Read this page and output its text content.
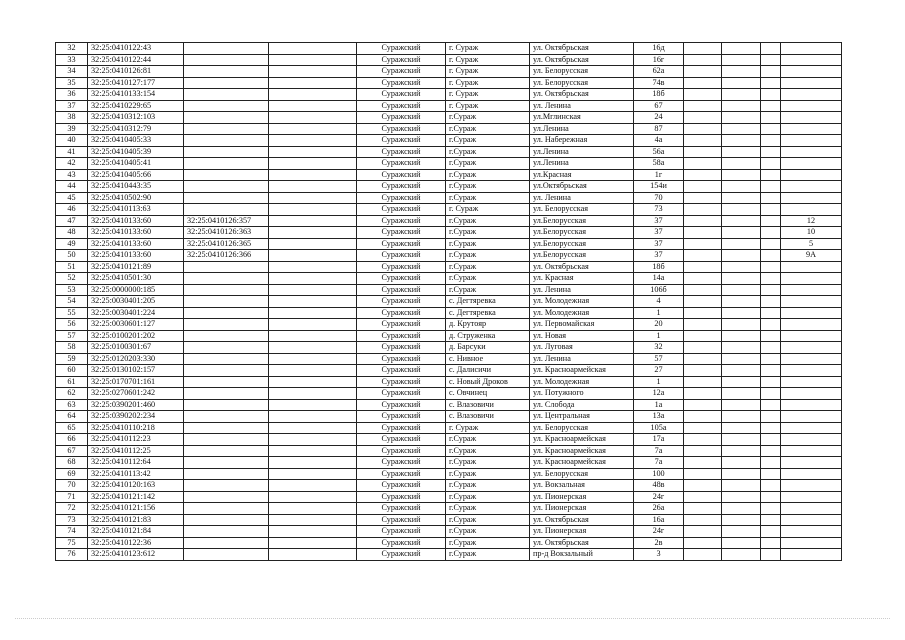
32	32:25:0410122:43			Суражский	г. Сураж	ул. Октябрьская	16д				
33	32:25:0410122:44			Суражский	г. Сураж	ул. Октябрьская	16г				
34	32:25:0410126:81			Суражский	г. Сураж	ул. Белорусская	62а				
35	32:25:0410127:177			Суражский	г. Сураж	ул. Белорусская	74в				
36	32:25:0410133:154			Суражский	г. Сураж	ул. Октябрьская	18б				
37	32:25:0410229:65			Суражский	г. Сураж	ул. Ленина	67				
38	32:25:0410312:103			Суражский	г.Сураж	ул.Мглинская	24				
39	32:25:0410312:79			Суражский	г.Сураж	ул.Ленина	87				
40	32:25:0410405:33			Суражский	г.Сураж	ул. Набережная	4а				
41	32:25:0410405:39			Суражский	г.Сураж	ул.Ленина	56а				
42	32:25:0410405:41			Суражский	г.Сураж	ул.Ленина	58а				
43	32:25:0410405:66			Суражский	г.Сураж	ул.Красная	1г				
44	32:25:0410443:35			Суражский	г.Сураж	ул.Октябрьская	154и				
45	32:25:0410502:90			Суражский	г.Сураж	ул. Ленина	70				
46	32:25:0410113:63			Суражский	г. Сураж	ул. Белорусская	73				
47	32:25:0410133:60	32:25:0410126:357		Суражский	г.Сураж	ул.Белорусская	37				12
48	32:25:0410133:60	32:25:0410126:363		Суражский	г.Сураж	ул.Белорусская	37				10
49	32:25:0410133:60	32:25:0410126:365		Суражский	г.Сураж	ул.Белорусская	37				5
50	32:25:0410133:60	32:25:0410126:366		Суражский	г.Сураж	ул.Белорусская	37				9А
51	32:25:0410121:89			Суражский	г.Сураж	ул. Октябрьская	18б				
52	32:25:0410501:30			Суражский	г.Сураж	ул. Красная	14а				
53	32:25:0000000:185			Суражский	г.Сураж	ул. Ленина	106б				
54	32:25:0030401:205			Суражский	с. Дегтяревка	ул. Молодежная	4				
55	32:25:0030401:224			Суражский	с. Дегтяревка	ул. Молодежная	1				
56	32:25:0030601:127			Суражский	д. Крутояр	ул. Первомайская	20				
57	32:25:0100201:202			Суражский	д. Струженка	ул. Новая	1				
58	32:25:0100301:67			Суражский	д. Барсуки	ул. Луговая	32				
59	32:25:0120203:330			Суражский	с. Нивное	ул. Ленина	57				
60	32:25:0130102:157			Суражский	с. Далисичи	ул. Красноармейская	27				
61	32:25:0170701:161			Суражский	с. Новый Дроков	ул. Молодежная	1				
62	32:25:0270601:242			Суражский	с. Овчинец	ул. Потужного	12а				
63	32:25:0390201:460			Суражский	с. Влазовичи	ул. Слобода	1а				
64	32:25:0390202:234			Суражский	с. Влазовичи	ул. Центральная	13а				
65	32:25:0410110:218			Суражский	г. Сураж	ул. Белорусская	105а				
66	32:25:0410112:23			Суражский	г.Сураж	ул. Красноармейская	17а				
67	32:25:0410112:25			Суражский	г.Сураж	ул. Красноармейская	7а				
68	32:25:0410112:64			Суражский	г.Сураж	ул. Красноармейская	7а				
69	32:25:0410113:42			Суражский	г.Сураж	ул. Белорусская	100				
70	32:25:0410120:163			Суражский	г.Сураж	ул. Вокзальная	48в				
71	32:25:0410121:142			Суражский	г.Сураж	ул. Пионерская	24г				
72	32:25:0410121:156			Суражский	г.Сураж	ул. Пионерская	26а				
73	32:25:0410121:83			Суражский	г.Сураж	ул. Октябрьская	16а				
74	32:25:0410121:84			Суражский	г.Сураж	ул. Пионерская	24г				
75	32:25:0410122:36			Суражский	г.Сураж	ул. Октябрьская	2в				
76	32:25:0410123:612			Суражский	г.Сураж	пр-д Вокзальный	3				
